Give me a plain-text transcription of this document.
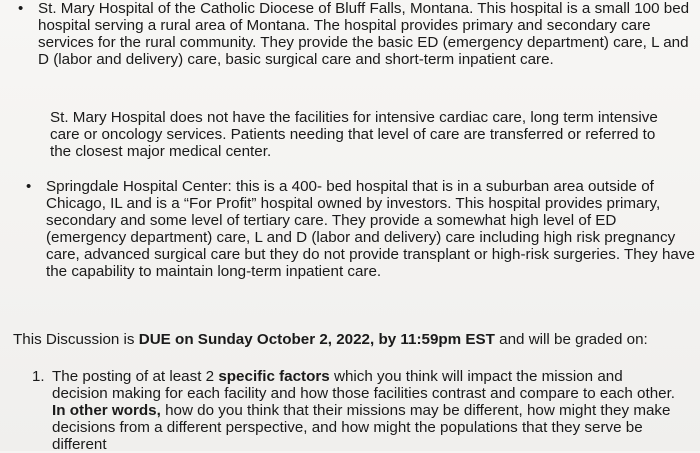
• St. Mary Hospital of the Catholic Diocese of Bluff Falls, Montana. This hospital is a small 100 bed hospital serving a rural area of Montana. The hospital provides primary and secondary care services for the rural community. They provide the basic ED (emergency department) care, L and D (labor and delivery) care, basic surgical care and short-term inpatient care.

St. Mary Hospital does not have the facilities for intensive cardiac care, long term intensive care or oncology services. Patients needing that level of care are transferred or referred to the closest major medical center.

• Springdale Hospital Center: this is a 400- bed hospital that is in a suburban area outside of Chicago, IL and is a “For Profit” hospital owned by investors. This hospital provides primary, secondary and some level of tertiary care. They provide a somewhat high level of ED (emergency department) care, L and D (labor and delivery) care including high risk pregnancy care, advanced surgical care but they do not provide transplant or high-risk surgeries. They have the capability to maintain long-term inpatient care.

This Discussion is DUE on Sunday October 2, 2022, by 11:59pm EST and will be graded on:

1. The posting of at least 2 specific factors which you think will impact the mission and decision making for each facility and how those facilities contrast and compare to each other. In other words, how do you think that their missions may be different, how might they make decisions from a different perspective, and how might the populations that they serve be different
